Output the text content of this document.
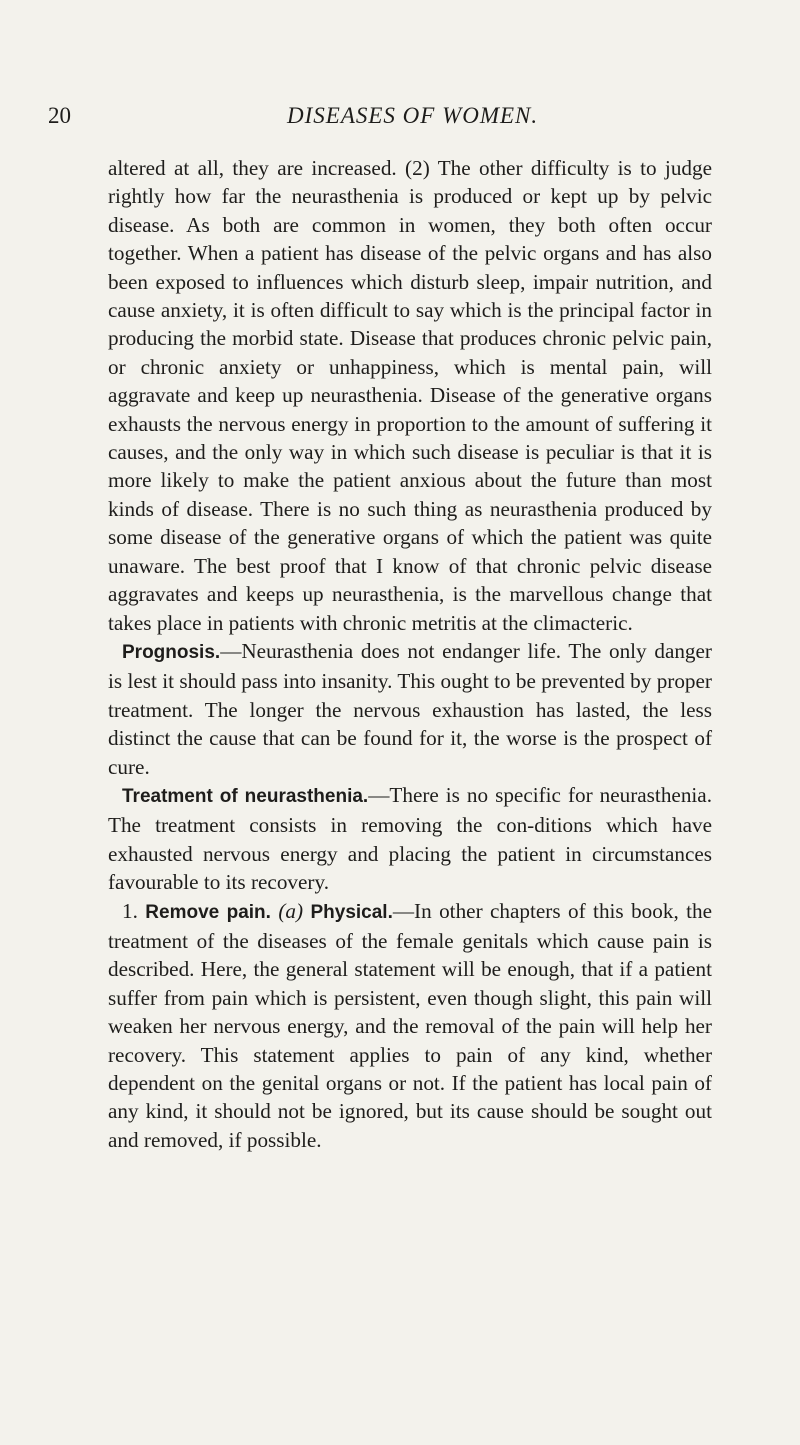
20	DISEASES OF WOMEN.

altered at all, they are increased. (2) The other difficulty is to judge rightly how far the neurasthenia is produced or kept up by pelvic disease. As both are common in women, they both often occur together. When a patient has disease of the pelvic organs and has also been exposed to influences which disturb sleep, impair nutrition, and cause anxiety, it is often difficult to say which is the principal factor in producing the morbid state. Disease that produces chronic pelvic pain, or chronic anxiety or unhappiness, which is mental pain, will aggravate and keep up neurasthenia. Disease of the generative organs exhausts the nervous energy in proportion to the amount of suffering it causes, and the only way in which such disease is peculiar is that it is more likely to make the patient anxious about the future than most kinds of disease. There is no such thing as neurasthenia produced by some disease of the generative organs of which the patient was quite unaware. The best proof that I know of that chronic pelvic disease aggravates and keeps up neurasthenia, is the marvellous change that takes place in patients with chronic metritis at the climacteric.

Prognosis.—Neurasthenia does not endanger life. The only danger is lest it should pass into insanity. This ought to be prevented by proper treatment. The longer the nervous exhaustion has lasted, the less distinct the cause that can be found for it, the worse is the prospect of cure.

Treatment of neurasthenia.—There is no specific for neurasthenia. The treatment consists in removing the con-ditions which have exhausted nervous energy and placing the patient in circumstances favourable to its recovery.

1. Remove pain. (a) Physical.—In other chapters of this book, the treatment of the diseases of the female genitals which cause pain is described. Here, the general statement will be enough, that if a patient suffer from pain which is persistent, even though slight, this pain will weaken her nervous energy, and the removal of the pain will help her recovery. This statement applies to pain of any kind, whether dependent on the genital organs or not. If the patient has local pain of any kind, it should not be ignored, but its cause should be sought out and removed, if possible.
